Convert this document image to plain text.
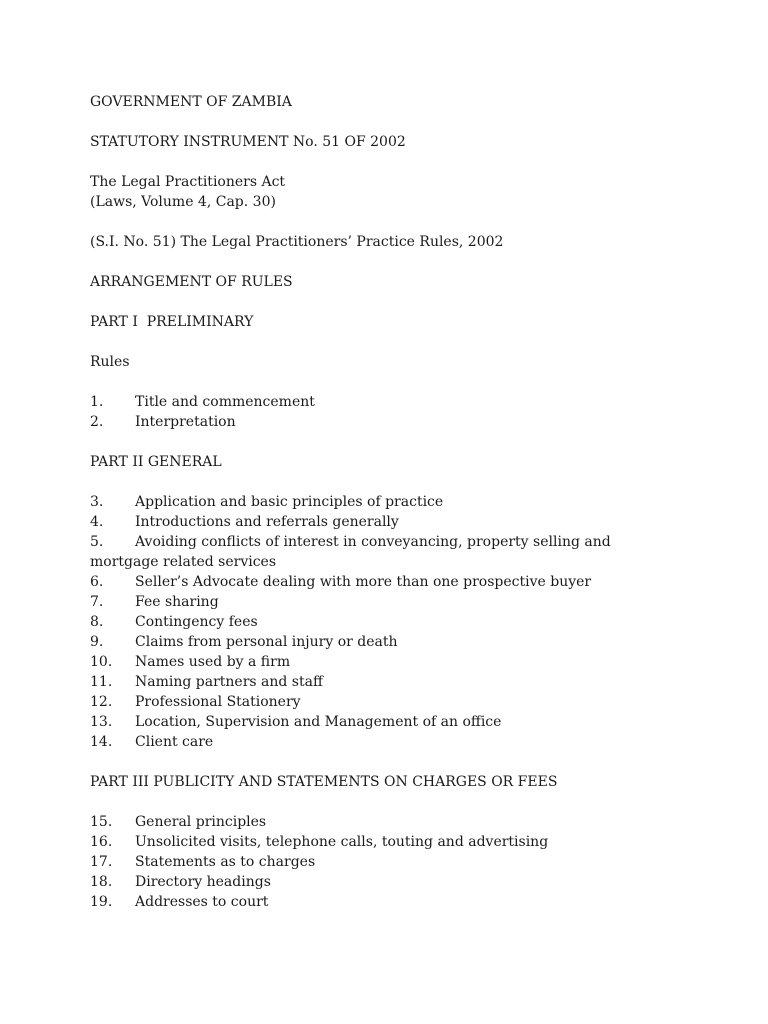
GOVERNMENT OF ZAMBIA
STATUTORY INSTRUMENT No. 51 OF 2002
The Legal Practitioners Act
(Laws, Volume 4, Cap. 30)
(S.I. No. 51) The Legal Practitioners’ Practice Rules, 2002
ARRANGEMENT OF RULES
PART I  PRELIMINARY
Rules
1.	Title and commencement
2.	Interpretation
PART II GENERAL
3.	Application and basic principles of practice
4.	Introductions and referrals generally
5.	Avoiding conflicts of interest in conveyancing, property selling and
mortgage related services
6.	Seller’s Advocate dealing with more than one prospective buyer
7.	Fee sharing
8.	Contingency fees
9.	Claims from personal injury or death
10.	Names used by a firm
11.	Naming partners and staff
12.	Professional Stationery
13.	Location, Supervision and Management of an office
14.	Client care
PART III PUBLICITY AND STATEMENTS ON CHARGES OR FEES
15.	General principles
16.	Unsolicited visits, telephone calls, touting and advertising
17.	Statements as to charges
18.	Directory headings
19.	Addresses to court
